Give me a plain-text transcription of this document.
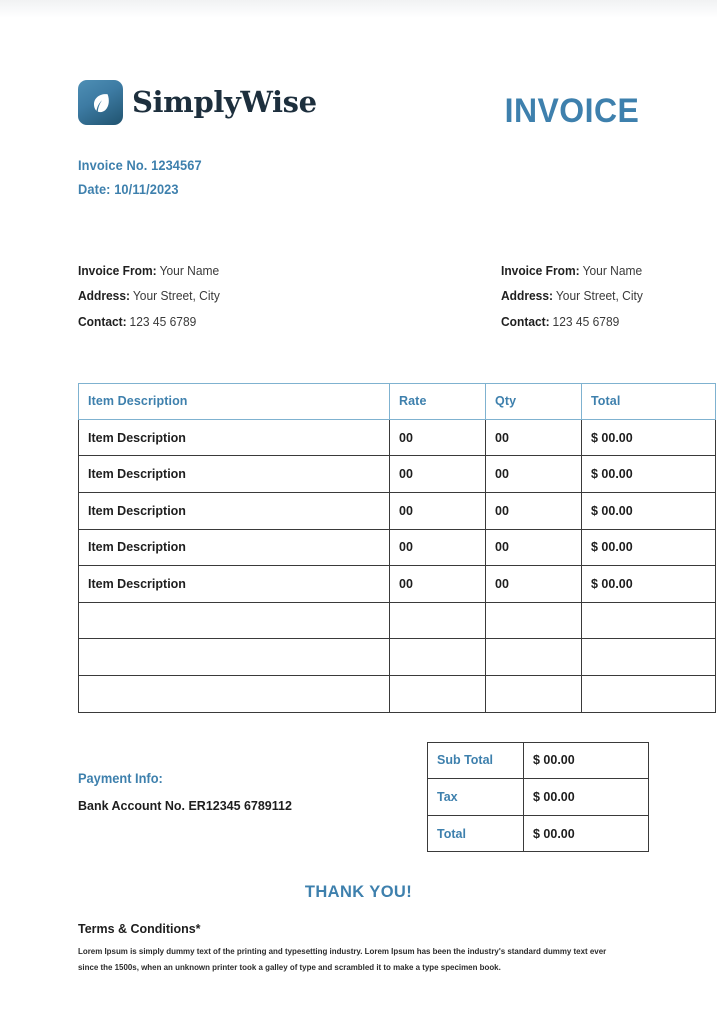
SimplyWise	INVOICE
Invoice No. 1234567
Date: 10/11/2023
Invoice From: Your Name
Address: Your Street, City
Contact: 123 45 6789
Invoice From: Your Name
Address: Your Street, City
Contact: 123 45 6789
Item Description	Rate	Qty	Total
Item Description	00	00	$ 00.00
Item Description	00	00	$ 00.00
Item Description	00	00	$ 00.00
Item Description	00	00	$ 00.00
Item Description	00	00	$ 00.00

Payment Info:
Bank Account No. ER12345 6789112
Sub Total	$ 00.00
Tax	$ 00.00
Total	$ 00.00
THANK YOU!
Terms & Conditions*
Lorem Ipsum is simply dummy text of the printing and typesetting industry. Lorem Ipsum has been the industry's standard dummy text ever since the 1500s, when an unknown printer took a galley of type and scrambled it to make a type specimen book.
